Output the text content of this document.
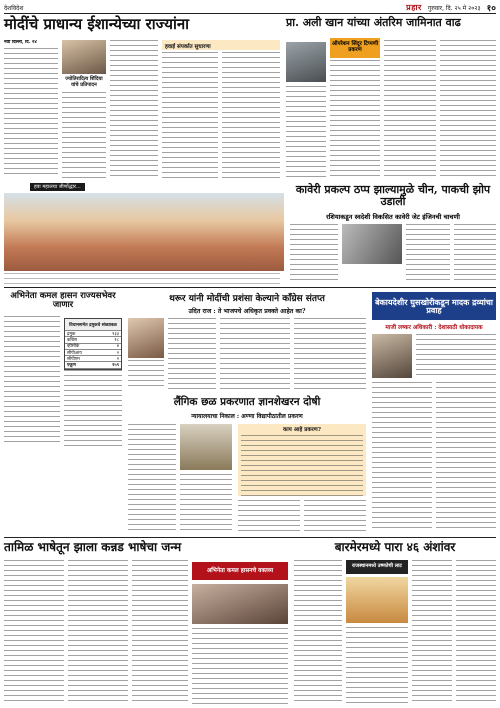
देशविदेश	प्रहार गुरुवार, दि. २५ मे २०२३ १०
मोदींचे प्राधान्य ईशान्येच्या राज्यांना
नवी दिल्ली, दि. २४
ज्योतिरादित्य शिंदिया यांचे प्रतिपादन
हवाई संपर्कात सुधारणा
हवा महालचा जीर्णोद्धार...
प्रा. अली खान यांच्या अंतरिम जामिनात वाढ
ऑपरेशन सिंदूर टिप्पणी प्रकरण
कावेरी प्रकल्प ठप्प झाल्यामुळे चीन, पाकची झोप उडाली
रशियाकडून स्वदेशी विकसित कावेरी जेट इंजिनची चाचणी
अभिनेता कमल हासन राज्यसभेवर जाणार
विधानसभेत द्रमुकचे संख्याबळ
द्रमुक	१३३
काँग्रेस	१८
व्हीसीके	४
सीपीआय	२
सीपीएम	२
एकूण	१५९
थरूर यांनी मोदींची प्रशंसा केल्याने काँग्रेस संतप्त
उदित राज : ते भाजपचे अधिकृत प्रवक्ते आहेत का?
लैंगिक छळ प्रकरणात ज्ञानशेखरन दोषी
न्यायालयाचा निकाल : अण्णा विद्यापीठातील प्रकरण
काय आहे प्रकरण?
बेकायदेशीर घुसखोरीकडून मादक द्रव्यांचा प्रवाह
माजी लष्कर अधिकारी : देशासाठी धोकादायक
तामिळ भाषेतून झाला कन्नड भाषेचा जन्म
अभिनेता कमल हासनचे वक्तव्य
बारमेरमध्ये पारा ४६ अंशांवर
राजस्थानमध्ये उष्णतेची लाट
